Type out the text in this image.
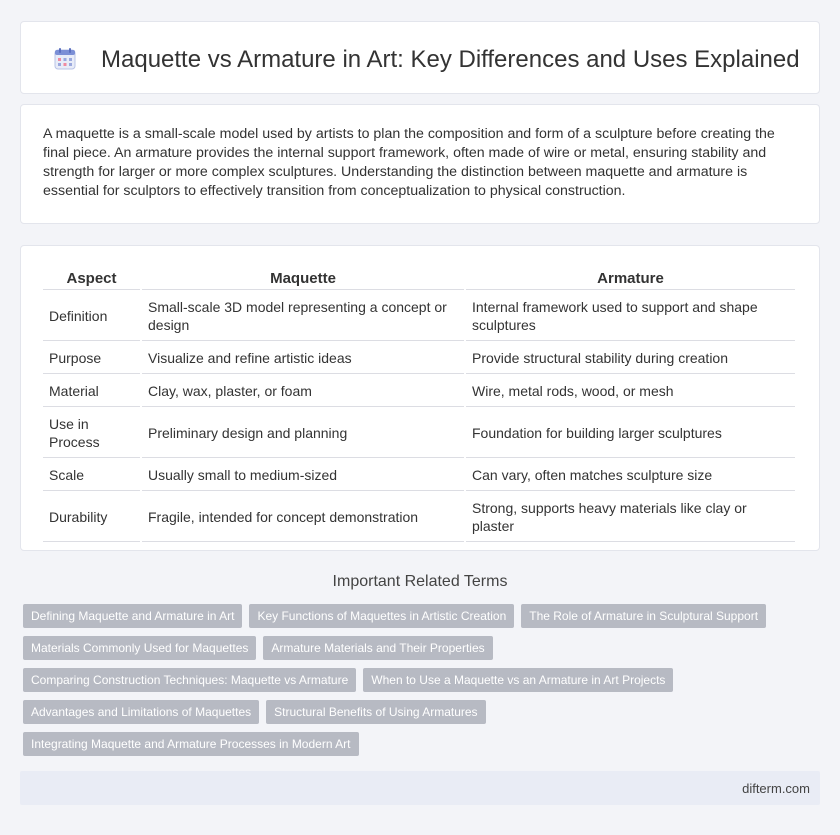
Maquette vs Armature in Art: Key Differences and Uses Explained

A maquette is a small-scale model used by artists to plan the composition and form of a sculpture before creating the final piece. An armature provides the internal support framework, often made of wire or metal, ensuring stability and strength for larger or more complex sculptures. Understanding the distinction between maquette and armature is essential for sculptors to effectively transition from conceptualization to physical construction.

Aspect	Maquette	Armature
Definition	Small-scale 3D model representing a concept or design	Internal framework used to support and shape sculptures
Purpose	Visualize and refine artistic ideas	Provide structural stability during creation
Material	Clay, wax, plaster, or foam	Wire, metal rods, wood, or mesh
Use in Process	Preliminary design and planning	Foundation for building larger sculptures
Scale	Usually small to medium-sized	Can vary, often matches sculpture size
Durability	Fragile, intended for concept demonstration	Strong, supports heavy materials like clay or plaster
Important Related Terms
Defining Maquette and Armature in Art	Key Functions of Maquettes in Artistic Creation	The Role of Armature in Sculptural Support
Materials Commonly Used for Maquettes	Armature Materials and Their Properties
Comparing Construction Techniques: Maquette vs Armature	When to Use a Maquette vs an Armature in Art Projects
Advantages and Limitations of Maquettes	Structural Benefits of Using Armatures
Integrating Maquette and Armature Processes in Modern Art
difterm.com
